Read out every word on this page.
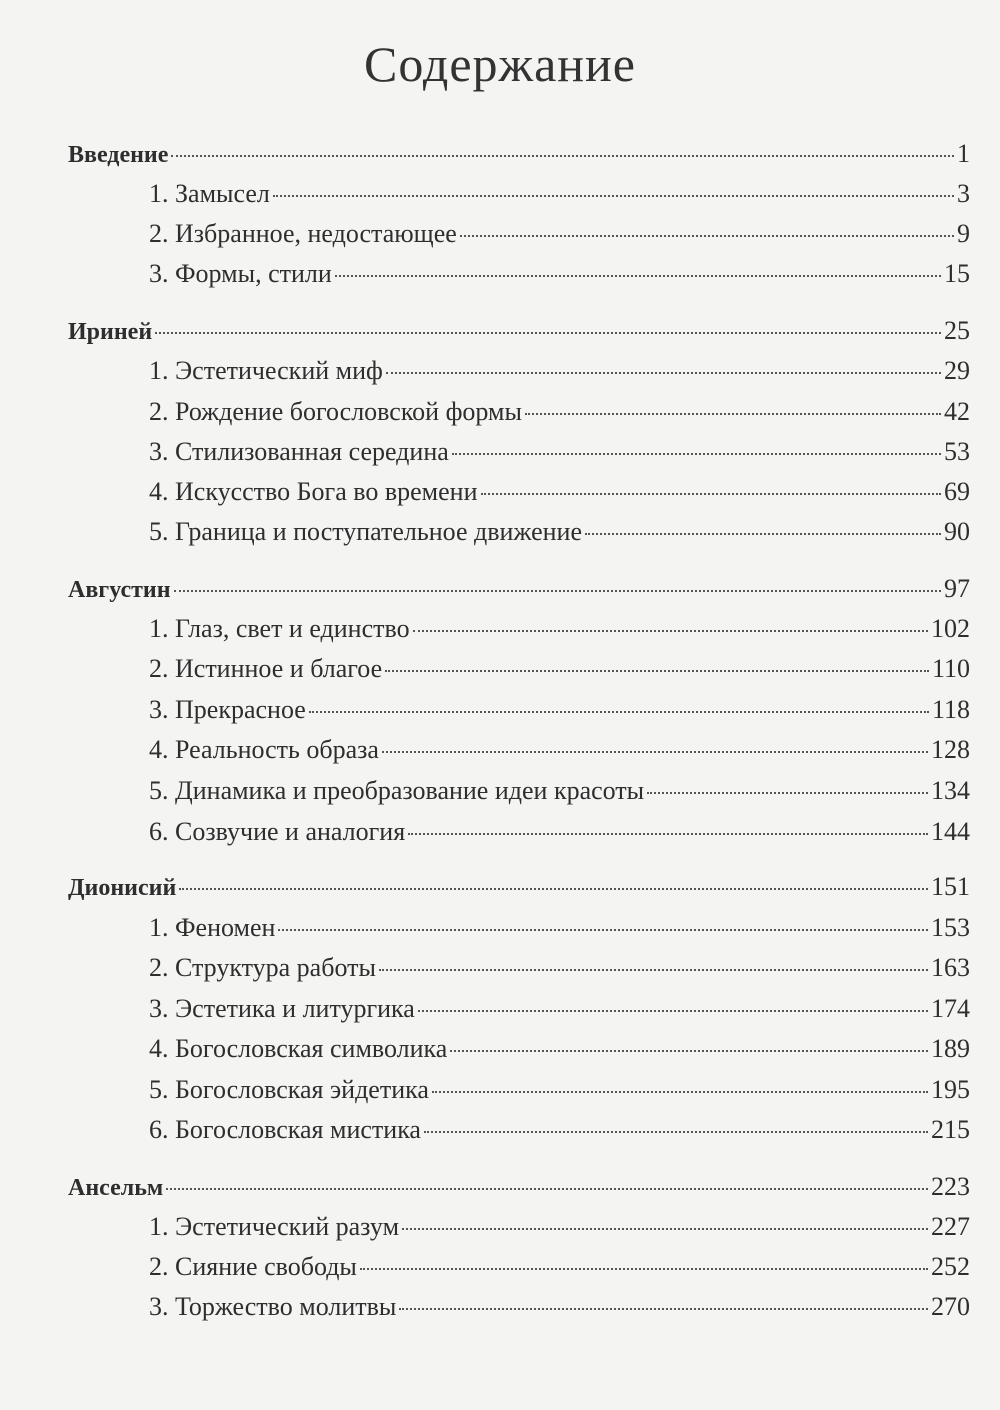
Содержание
Введение	1
1. Замысел	3
2. Избранное, недостающее	9
3. Формы, стили	15
Ириней	25
1. Эстетический миф	29
2. Рождение богословской формы	42
3. Стилизованная середина	53
4. Искусство Бога во времени	69
5. Граница и поступательное движение	90
Августин	97
1. Глаз, свет и единство	102
2. Истинное и благое	110
3. Прекрасное	118
4. Реальность образа	128
5. Динамика и преобразование идеи красоты	134
6. Созвучие и аналогия	144
Дионисий	151
1. Феномен	153
2. Структура работы	163
3. Эстетика и литургика	174
4. Богословская символика	189
5. Богословская эйдетика	195
6. Богословская мистика	215
Ансельм	223
1. Эстетический разум	227
2. Сияние свободы	252
3. Торжество молитвы	270
